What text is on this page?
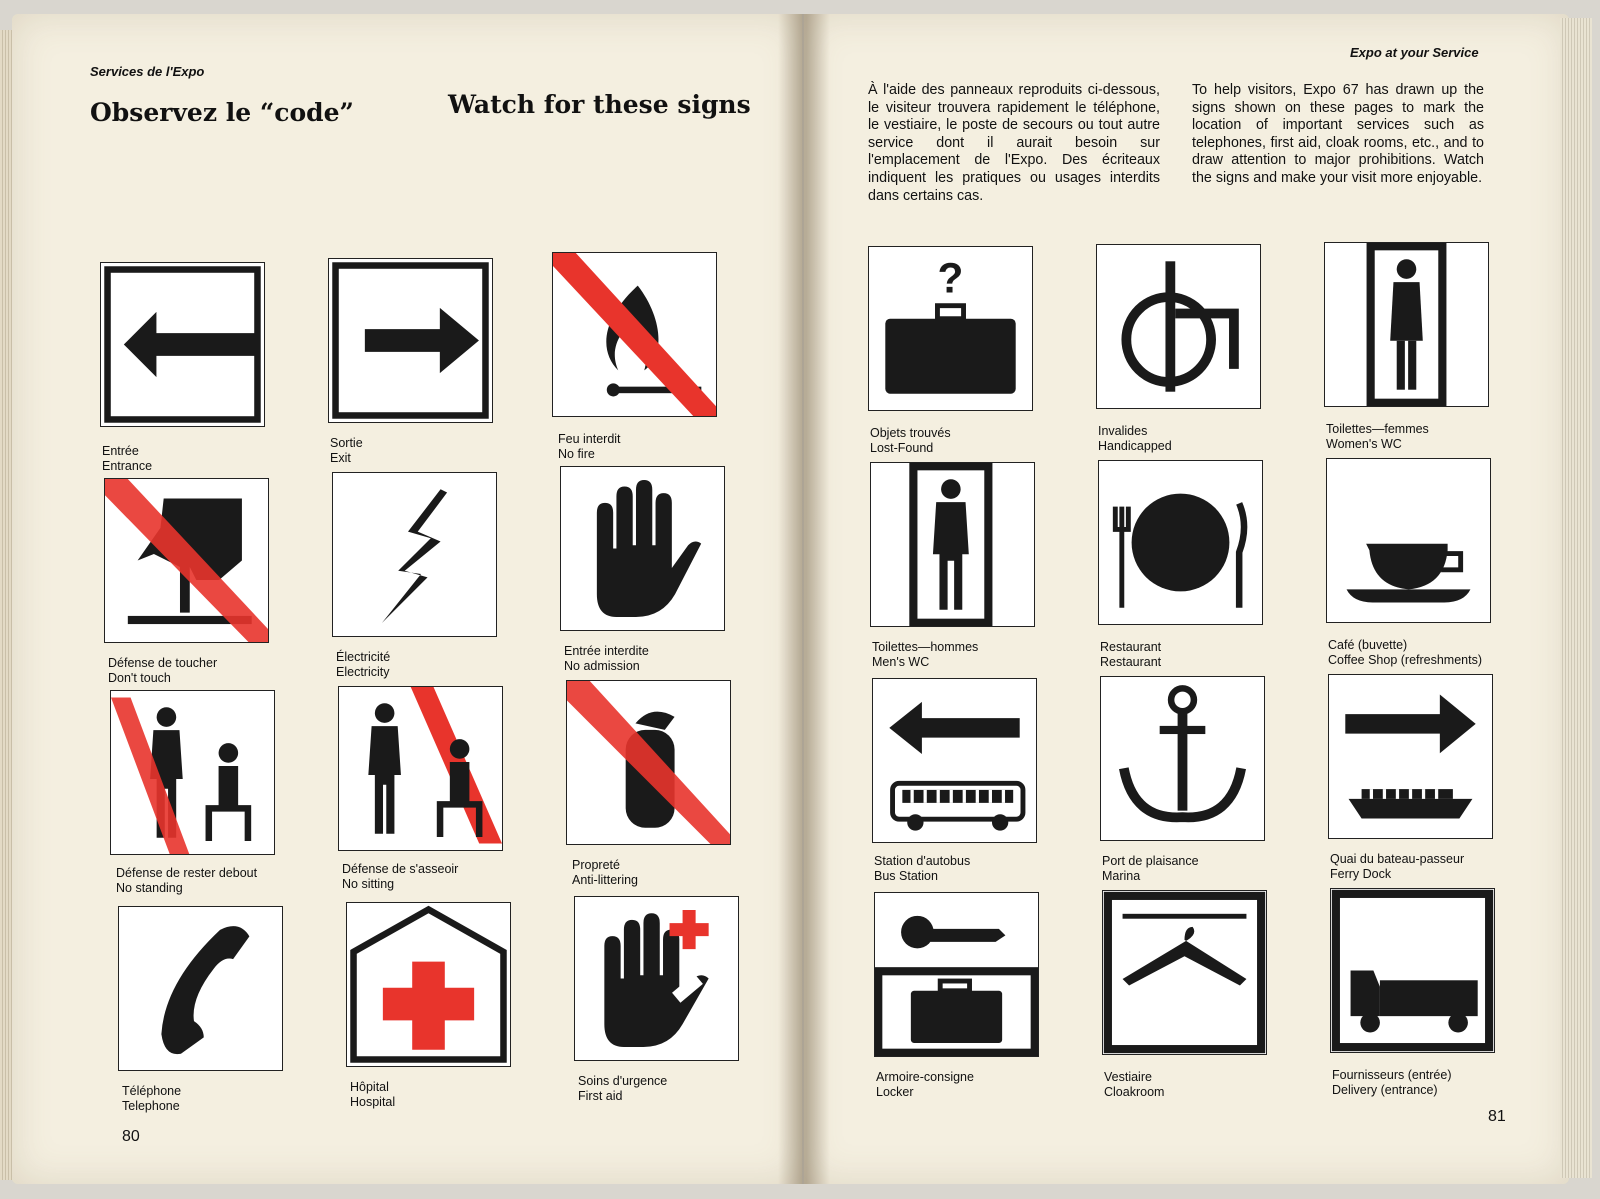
Services de l'Expo
Observez le “code”	Watch for these signs
Expo at your Service
À l'aide des panneaux reproduits ci-dessous, le visiteur trouvera rapidement le téléphone, le vestiaire, le poste de secours ou tout autre service dont il aurait besoin sur l'emplacement de l'Expo. Des écriteaux indiquent les pratiques ou usages interdits dans certains cas.
To help visitors, Expo 67 has drawn up the signs shown on these pages to mark the location of important services such as telephones, first aid, cloak rooms, etc., and to draw attention to major prohibitions. Watch the signs and make your visit more enjoyable.
Entrée
Entrance
Sortie
Exit
Feu interdit
No fire
Défense de toucher
Don't touch
Électricité
Electricity
Entrée interdite
No admission
Défense de rester debout
No standing
Défense de s'asseoir
No sitting
Propreté
Anti-littering
Téléphone
Telephone
Hôpital
Hospital
Soins d'urgence
First aid
80
?
Objets trouvés
Lost-Found
Invalides
Handicapped
Toilettes—femmes
Women's WC
Toilettes—hommes
Men's WC
Restaurant
Restaurant
Café (buvette)
Coffee Shop (refreshments)
Station d'autobus
Bus Station
Port de plaisance
Marina
Quai du bateau-passeur
Ferry Dock
Armoire-consigne
Locker
Vestiaire
Cloakroom
Fournisseurs (entrée)
Delivery (entrance)
81
